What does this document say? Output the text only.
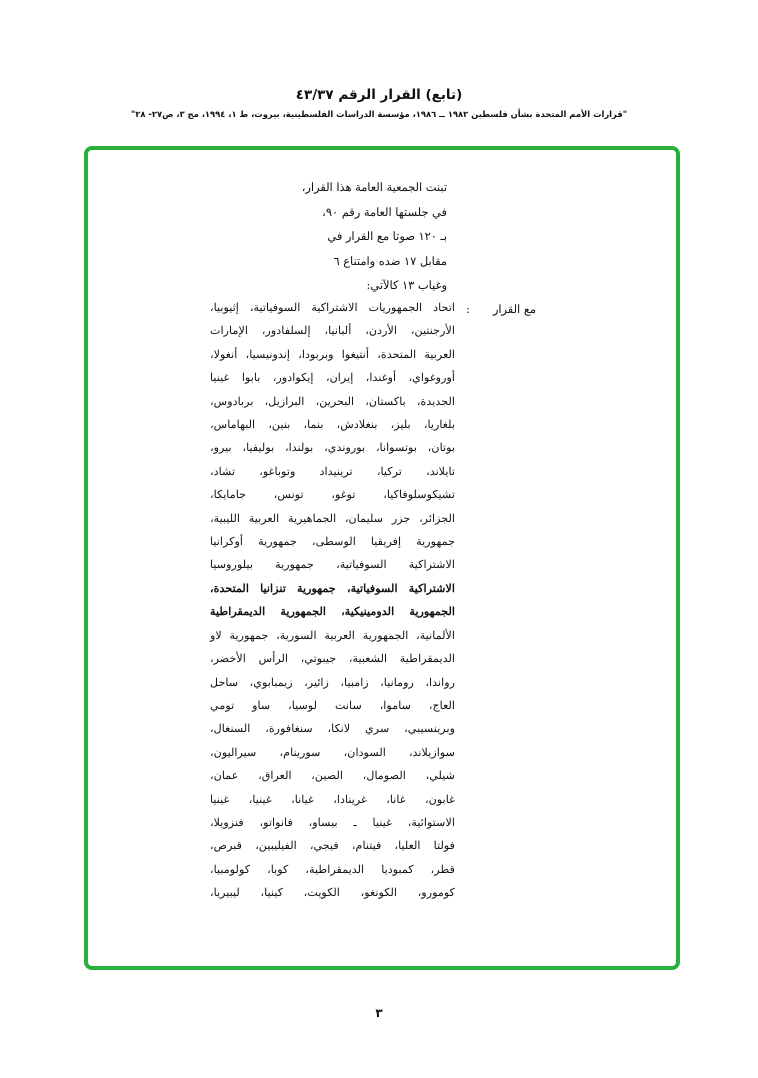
(تابع) القرار الرقم ٤٣/٣٧
"قرارات الأمم المتحدة بشأن فلسطين ١٩٨٢ ــ ١٩٨٦، مؤسسة الدراسات الفلسطينية، بيروت، ط ١، ١٩٩٤، مج ٣، ص٢٧- ٢٨"
تبنت الجمعية العامة هذا القرار،
في جلستها العامة رقم ٩٠،
بـ ١٢٠ صوتا مع القرار في
مقابل ١٧ ضده وامتناع ٦
وغياب ١٣ كالآتي:
مع القرار
:
اتحاد الجمهوريات الاشتراكية السوفياتية، إثيوبيا،
الأرجنتين، الأردن، ألبانيا، إلسلفادور، الإمارات
العربية المتحدة، أنتيغوا وبربودا، إندونيسيا، أنغولا،
أوروغواي، أوغندا، إيران، إيكوادور، بابوا غينيا
الجديدة، باكستان، البحرين، البرازيل، بربادوس،
بلغاريا، بليز، بنغلادش، بنما، بنين، البهاماس،
بوتان، بوتسوانا، بوروندي، بولندا، بوليفيا، بيرو،
تايلاند، تركيا، ترينيداد وتوباغو، تشاد،
تشيكوسلوفاكيا، توغو، تونس، جامايكا،
الجزائر، جزر سليمان، الجماهيرية العربية الليبية،
جمهورية إفريقيا الوسطى، جمهورية أوكرانيا
الاشتراكية السوفياتية، جمهورية بيلوروسيا
الاشتراكية السوفياتية، جمهورية تنزانيا المتحدة،
الجمهورية الدومينيكية، الجمهورية الديمقراطية
الألمانية، الجمهورية العربية السورية، جمهورية لاو
الديمقراطية الشعبية، جيبوتي، الرأس الأخضر،
رواندا، رومانيا، زامبيا، زائير، زيمبابوي، ساحل
العاج، ساموا، سانت لوسيا، ساو تومي
وبرينسيبي، سري لانكا، سنغافورة، السنغال،
سوازيلاند، السودان، سورينام، سيراليون،
شيلي، الصومال، الصين، العراق، عمان،
غابون، غانا، غرينادا، غيانا، غينيا، غينيا
الاستوائية، غينيا ـ بيساو، فانواتو، فنزويلا،
فولتا العليا، فيتنام، فيجي، الفيليبين، قبرص،
قطر، كمبوديا الديمقراطية، كوبا، كولومبيا،
كومورو، الكونغو، الكويت، كينيا، ليبيريا،
٣
